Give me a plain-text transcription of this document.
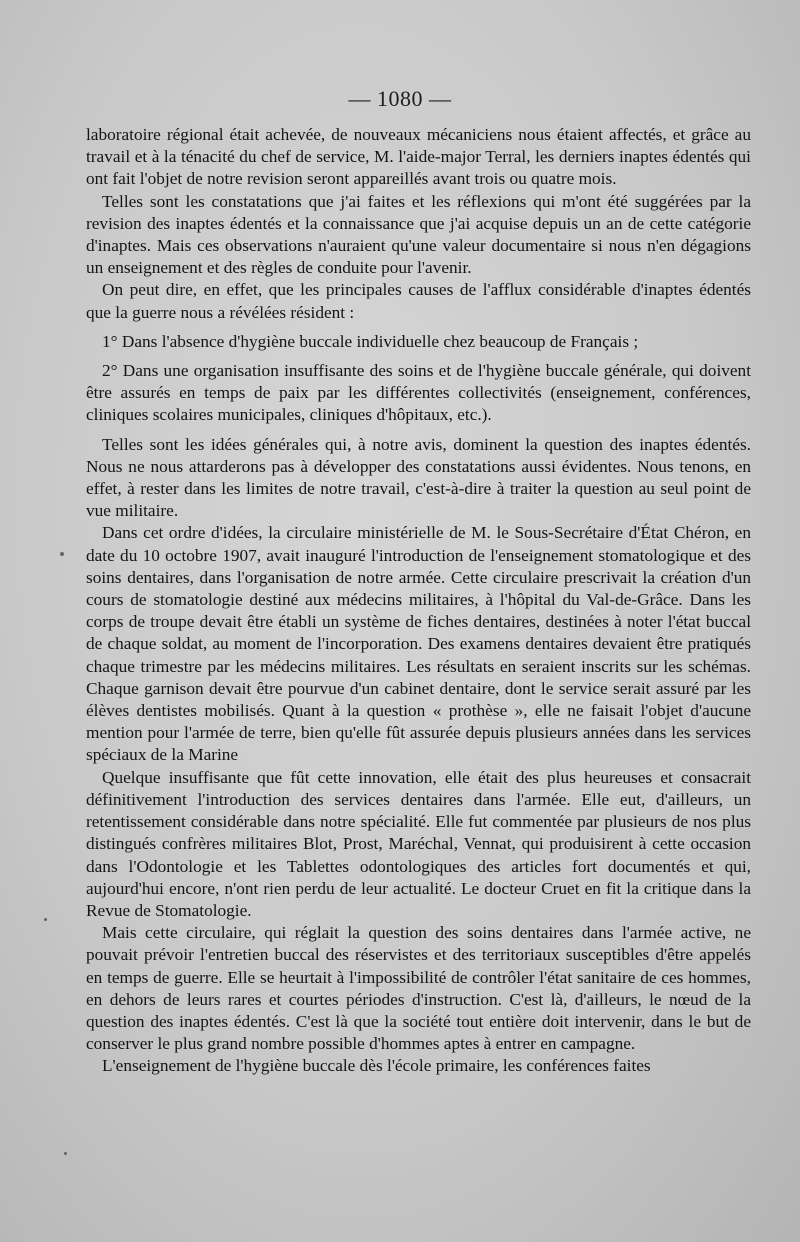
— 1080 —

laboratoire régional était achevée, de nouveaux mécaniciens nous étaient affectés, et grâce au travail et à la ténacité du chef de service, M. l'aide-major Terral, les derniers inaptes édentés qui ont fait l'objet de notre revision seront appareillés avant trois ou quatre mois.

Telles sont les constatations que j'ai faites et les réflexions qui m'ont été suggérées par la revision des inaptes édentés et la connaissance que j'ai acquise depuis un an de cette catégorie d'inaptes. Mais ces observations n'auraient qu'une valeur documentaire si nous n'en dégagions un enseignement et des règles de conduite pour l'avenir.

On peut dire, en effet, que les principales causes de l'afflux considérable d'inaptes édentés que la guerre nous a révélées résident :

1° Dans l'absence d'hygiène buccale individuelle chez beaucoup de Français ;

2° Dans une organisation insuffisante des soins et de l'hygiène buccale générale, qui doivent être assurés en temps de paix par les différentes collectivités (enseignement, conférences, cliniques scolaires municipales, cliniques d'hôpitaux, etc.).

Telles sont les idées générales qui, à notre avis, dominent la question des inaptes édentés. Nous ne nous attarderons pas à développer des constatations aussi évidentes. Nous tenons, en effet, à rester dans les limites de notre travail, c'est-à-dire à traiter la question au seul point de vue militaire.

Dans cet ordre d'idées, la circulaire ministérielle de M. le Sous-Secrétaire d'État Chéron, en date du 10 octobre 1907, avait inauguré l'introduction de l'enseignement stomatologique et des soins dentaires, dans l'organisation de notre armée. Cette circulaire prescrivait la création d'un cours de stomatologie destiné aux médecins militaires, à l'hôpital du Val-de-Grâce. Dans les corps de troupe devait être établi un système de fiches dentaires, destinées à noter l'état buccal de chaque soldat, au moment de l'incorporation. Des examens dentaires devaient être pratiqués chaque trimestre par les médecins militaires. Les résultats en seraient inscrits sur les schémas. Chaque garnison devait être pourvue d'un cabinet dentaire, dont le service serait assuré par les élèves dentistes mobilisés. Quant à la question « prothèse », elle ne faisait l'objet d'aucune mention pour l'armée de terre, bien qu'elle fût assurée depuis plusieurs années dans les services spéciaux de la Marine

Quelque insuffisante que fût cette innovation, elle était des plus heureuses et consacrait définitivement l'introduction des services dentaires dans l'armée. Elle eut, d'ailleurs, un retentissement considérable dans notre spécialité. Elle fut commentée par plusieurs de nos plus distingués confrères militaires Blot, Prost, Maréchal, Vennat, qui produisirent à cette occasion dans l'Odontologie et les Tablettes odontologiques des articles fort documentés et qui, aujourd'hui encore, n'ont rien perdu de leur actualité. Le docteur Cruet en fit la critique dans la Revue de Stomatologie.

Mais cette circulaire, qui réglait la question des soins dentaires dans l'armée active, ne pouvait prévoir l'entretien buccal des réservistes et des territoriaux susceptibles d'être appelés en temps de guerre. Elle se heurtait à l'impossibilité de contrôler l'état sanitaire de ces hommes, en dehors de leurs rares et courtes périodes d'instruction. C'est là, d'ailleurs, le nœud de la question des inaptes édentés. C'est là que la société tout entière doit intervenir, dans le but de conserver le plus grand nombre possible d'hommes aptes à entrer en campagne.

L'enseignement de l'hygiène buccale dès l'école primaire, les conférences faites
